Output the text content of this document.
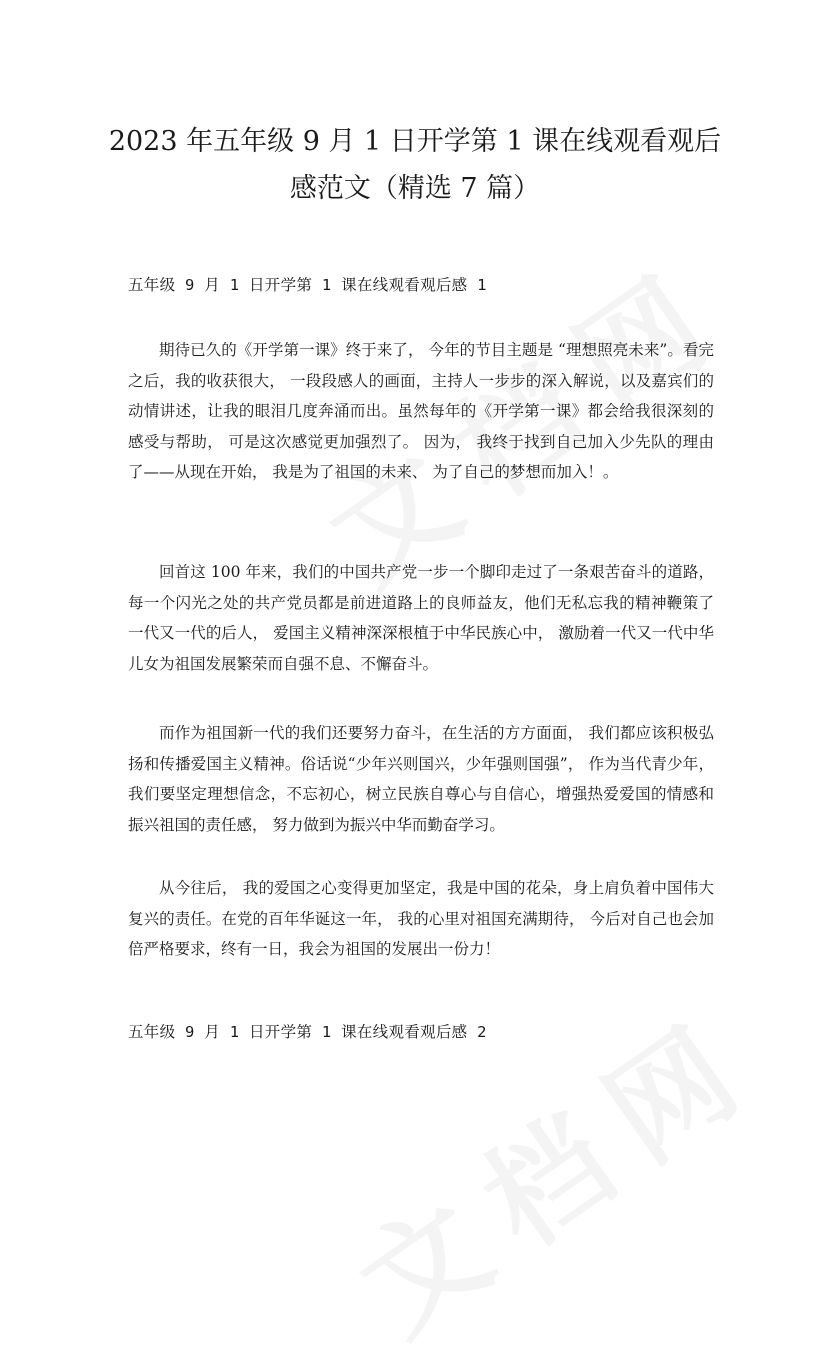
2023 年五年级 9 月 1 日开学第 1 课在线观看观后感范文（精选 7 篇）
五年级 9 月 1 日开学第 1 课在线观看观后感 1

期待已久的《开学第一课》终于来了， 今年的节目主题是 “理想照亮未来”。看完之后，我的收获很大， 一段段感人的画面，主持人一步步的深入解说，以及嘉宾们的动情讲述，让我的眼泪几度奔涌而出。虽然每年的《开学第一课》都会给我很深刻的感受与帮助， 可是这次感觉更加强烈了。 因为， 我终于找到自己加入少先队的理由了——从现在开始， 我是为了祖国的未来、 为了自己的梦想而加入！。

回首这 100 年来，我们的中国共产党一步一个脚印走过了一条艰苦奋斗的道路，每一个闪光之处的共产党员都是前进道路上的良师益友，他们无私忘我的精神鞭策了一代又一代的后人， 爱国主义精神深深根植于中华民族心中， 激励着一代又一代中华儿女为祖国发展繁荣而自强不息、不懈奋斗。

而作为祖国新一代的我们还要努力奋斗，在生活的方方面面， 我们都应该积极弘扬和传播爱国主义精神。俗话说“少年兴则国兴，少年强则国强”， 作为当代青少年，我们要坚定理想信念，不忘初心，树立民族自尊心与自信心，增强热爱爱国的情感和振兴祖国的责任感， 努力做到为振兴中华而勤奋学习。

从今往后， 我的爱国之心变得更加坚定，我是中国的花朵，身上肩负着中国伟大复兴的责任。在党的百年华诞这一年， 我的心里对祖国充满期待， 今后对自己也会加倍严格要求，终有一日，我会为祖国的发展出一份力！

五年级 9 月 1 日开学第 1 课在线观看观后感 2
